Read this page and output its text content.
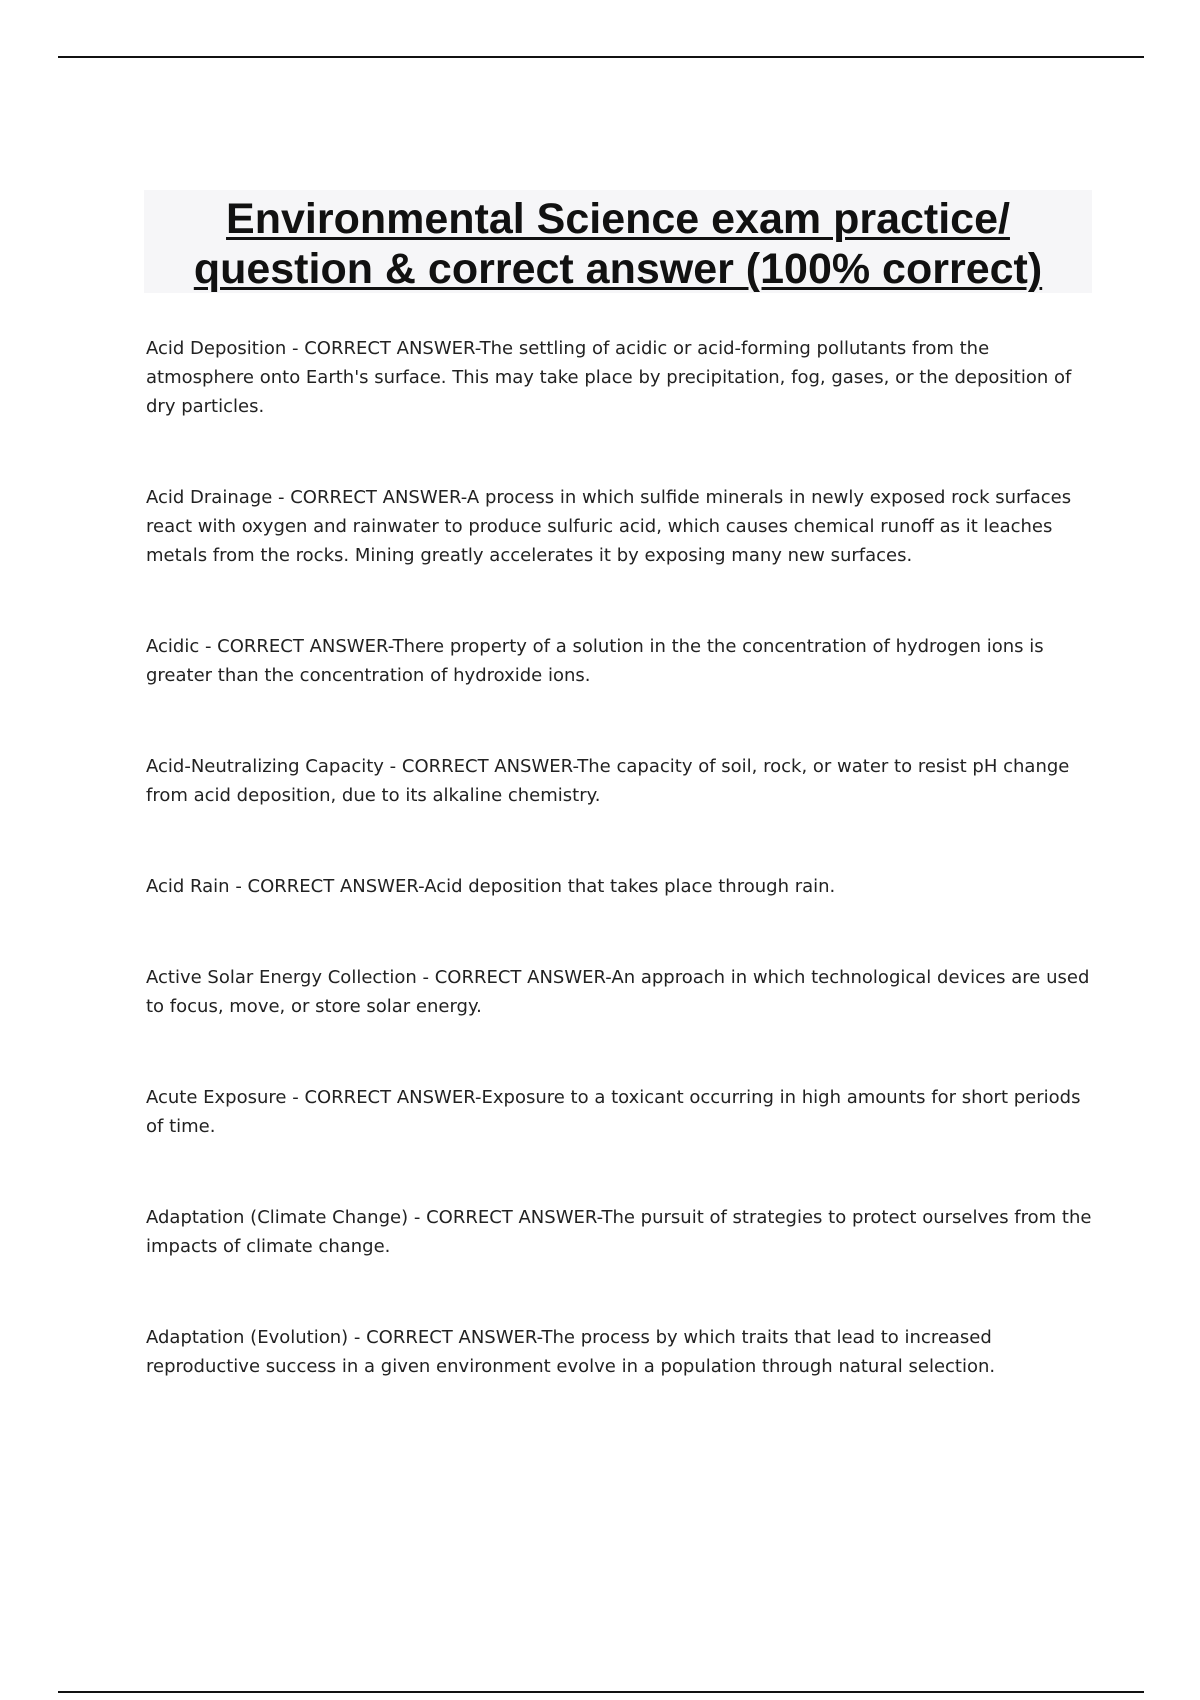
Environmental Science exam practice/
question & correct answer (100% correct)

Acid Deposition - CORRECT ANSWER - The settling of acidic or acid-forming pollutants from the atmosphere onto Earth's surface. This may take place by precipitation, fog, gases, or the deposition of dry particles.

Acid Drainage - CORRECT ANSWER - A process in which sulfide minerals in newly exposed rock surfaces react with oxygen and rainwater to produce sulfuric acid, which causes chemical runoff as it leaches metals from the rocks. Mining greatly accelerates it by exposing many new surfaces.

Acidic - CORRECT ANSWER - There property of a solution in the the concentration of hydrogen ions is greater than the concentration of hydroxide ions.

Acid-Neutralizing Capacity - CORRECT ANSWER - The capacity of soil, rock, or water to resist pH change from acid deposition, due to its alkaline chemistry.

Acid Rain - CORRECT ANSWER - Acid deposition that takes place through rain.

Active Solar Energy Collection - CORRECT ANSWER - An approach in which technological devices are used to focus, move, or store solar energy.

Acute Exposure - CORRECT ANSWER - Exposure to a toxicant occurring in high amounts for short periods of time.

Adaptation (Climate Change) - CORRECT ANSWER - The pursuit of strategies to protect ourselves from the impacts of climate change.

Adaptation (Evolution) - CORRECT ANSWER - The process by which traits that lead to increased reproductive success in a given environment evolve in a population through natural selection.
